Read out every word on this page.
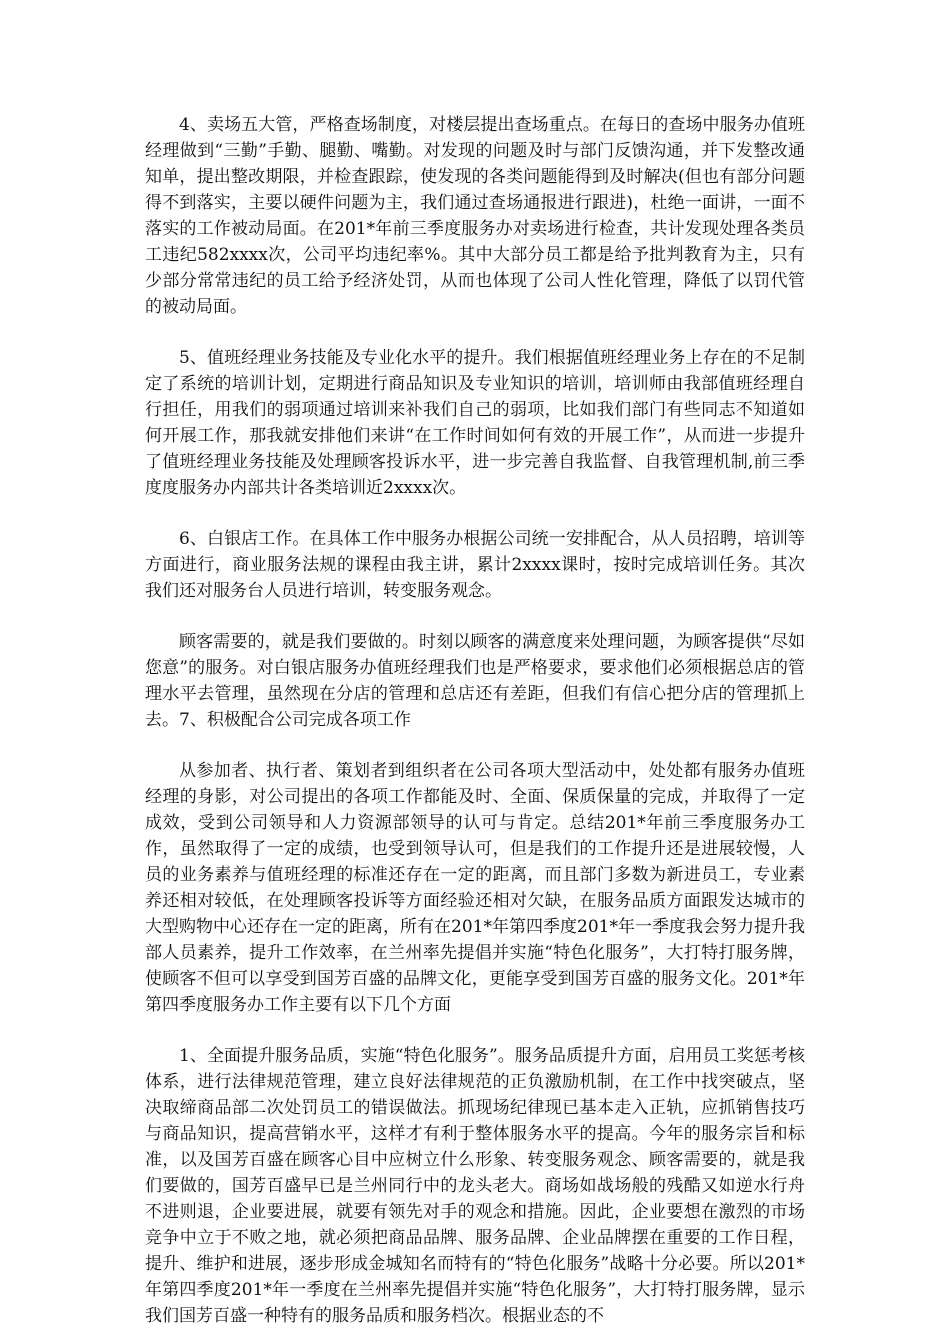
4、卖场五大管，严格查场制度，对楼层提出查场重点。在每日的查场中服务办值班经理做到“三勤”手勤、腿勤、嘴勤。对发现的问题及时与部门反馈沟通，并下发整改通知单，提出整改期限，并检查跟踪，使发现的各类问题能得到及时解决(但也有部分问题得不到落实，主要以硬件问题为主，我们通过查场通报进行跟进)，杜绝一面讲，一面不落实的工作被动局面。在201*年前三季度服务办对卖场进行检查，共计发现处理各类员工违纪582xxxx次，公司平均违纪率%。其中大部分员工都是给予批判教育为主，只有少部分常常违纪的员工给予经济处罚，从而也体现了公司人性化管理，降低了以罚代管的被动局面。

5、值班经理业务技能及专业化水平的提升。我们根据值班经理业务上存在的不足制定了系统的培训计划，定期进行商品知识及专业知识的培训，培训师由我部值班经理自行担任，用我们的弱项通过培训来补我们自己的弱项，比如我们部门有些同志不知道如何开展工作，那我就安排他们来讲“在工作时间如何有效的开展工作”，从而进一步提升了值班经理业务技能及处理顾客投诉水平，进一步完善自我监督、自我管理机制,前三季度度服务办内部共计各类培训近2xxxx次。

6、白银店工作。在具体工作中服务办根据公司统一安排配合，从人员招聘，培训等方面进行，商业服务法规的课程由我主讲，累计2xxxx课时，按时完成培训任务。其次我们还对服务台人员进行培训，转变服务观念。

顾客需要的，就是我们要做的。时刻以顾客的满意度来处理问题，为顾客提供“尽如您意”的服务。对白银店服务办值班经理我们也是严格要求，要求他们必须根据总店的管理水平去管理，虽然现在分店的管理和总店还有差距，但我们有信心把分店的管理抓上去。7、积极配合公司完成各项工作

从参加者、执行者、策划者到组织者在公司各项大型活动中，处处都有服务办值班经理的身影，对公司提出的各项工作都能及时、全面、保质保量的完成，并取得了一定成效，受到公司领导和人力资源部领导的认可与肯定。总结201*年前三季度服务办工作，虽然取得了一定的成绩，也受到领导认可，但是我们的工作提升还是进展较慢，人员的业务素养与值班经理的标准还存在一定的距离，而且部门多数为新进员工，专业素养还相对较低，在处理顾客投诉等方面经验还相对欠缺，在服务品质方面跟发达城市的大型购物中心还存在一定的距离，所有在201*年第四季度201*年一季度我会努力提升我部人员素养，提升工作效率，在兰州率先提倡并实施“特色化服务”，大打特打服务牌，使顾客不但可以享受到国芳百盛的品牌文化，更能享受到国芳百盛的服务文化。201*年第四季度服务办工作主要有以下几个方面

1、全面提升服务品质，实施“特色化服务”。服务品质提升方面，启用员工奖惩考核体系，进行法律规范管理，建立良好法律规范的正负激励机制，在工作中找突破点，坚决取缔商品部二次处罚员工的错误做法。抓现场纪律现已基本走入正轨，应抓销售技巧与商品知识，提高营销水平，这样才有利于整体服务水平的提高。今年的服务宗旨和标准，以及国芳百盛在顾客心目中应树立什么形象、转变服务观念、顾客需要的，就是我们要做的，国芳百盛早已是兰州同行中的龙头老大。商场如战场般的残酷又如逆水行舟不进则退，企业要进展，就要有领先对手的观念和措施。因此，企业要想在激烈的市场竞争中立于不败之地，就必须把商品品牌、服务品牌、企业品牌摆在重要的工作日程，提升、维护和进展，逐步形成金城知名而特有的“特色化服务”战略十分必要。所以201*年第四季度201*年一季度在兰州率先提倡并实施“特色化服务”，大打特打服务牌，显示我们国芳百盛一种特有的服务品质和服务档次。根据业态的不
